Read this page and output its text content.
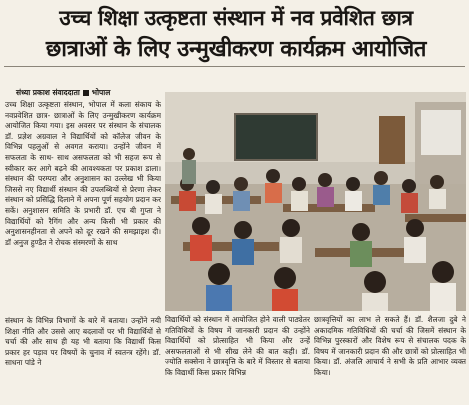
उच्च शिक्षा उत्कृष्टता संस्थान में नव प्रवेशित छात्र
छात्राओं के लिए उन्मुखीकरण कार्यक्रम आयोजित
संध्या प्रकाश संवाददाता भोपाल
उच्च शिक्षा उत्कृष्टता संस्थान, भोपाल में कला संकाय के नवप्रवेशित छात्र- छात्राओं के लिए उन्मुखीकरण कार्यक्रम आयोजित किया गया। इस अवसर पर संस्थान के संचालक डॉ. प्रज्ञेश अग्रवाल ने विद्यार्थियों को कॉलेज जीवन के विभिन्न पहलुओं से अवगत कराया। उन्होंने जीवन में सफलता के साथ- साथ असफलता को भी सहज रूप से स्वीकार कर आगे बढ़ने की आवश्यकता पर प्रकाश डाला। संस्थान की परम्परा और अनुशासन का उल्लेख भी किया जिससे नए विद्यार्थी संस्थान की उपलब्धियों से प्रेरणा लेकर संस्थान को प्रसिद्धि दिलाने में अपना पूर्ण सहयोग प्रदान कर सकें। अनुशासन समिति के प्रभारी डॉ. एच बी गुप्ता ने विद्यार्थियों को रैगिंग और अन्य किसी भी प्रकार की अनुशासनहीनता से अपने को दूर रखने की समझाइश दी। डॉ अनुज हुण्डैत ने रोचक संस्मरणों के साथ
संस्थान के विभिन्न विभागों के बारे में बताया। उन्होंने नयी शिक्षा नीति और उससे आए बदलावों पर भी विद्यार्थियों से चर्चा की और साथ ही यह भी बताया कि विद्यार्थी किस प्रकार हर पड़ाव पर विषयों के चुनाव में स्वतन्त्र रहेंगे। डॉ. साधना पांडे ने
विद्यार्थियों को संस्थान में आयोजित होने वाली पाठ्येतर गतिविधियों के विषय में जानकारी प्रदान की उन्होंने विद्यार्थियों को प्रोत्साहित भी किया और उन्हें असफलताओं से भी सीख लेने की बात कही। डॉ. ज्योति सक्सेना ने छात्रवृत्ति के बारे में विस्तार से बताया कि विद्यार्थी किस प्रकार विभिन्न
छात्रवृत्तियों का लाभ ले सकते हैं। डॉ. शैलजा दुबे ने अकादमिक गतिविधियों की चर्चा की जिसमें संस्थान के विभिन्न पुरस्कारों और विशेष रूप से संचालक पदक के विषय में जानकारी प्रदान की और छात्रों को प्रोत्साहित भी किया। डॉ. अंजलि आचार्य ने सभी के प्रति आभार व्यक्त किया।
